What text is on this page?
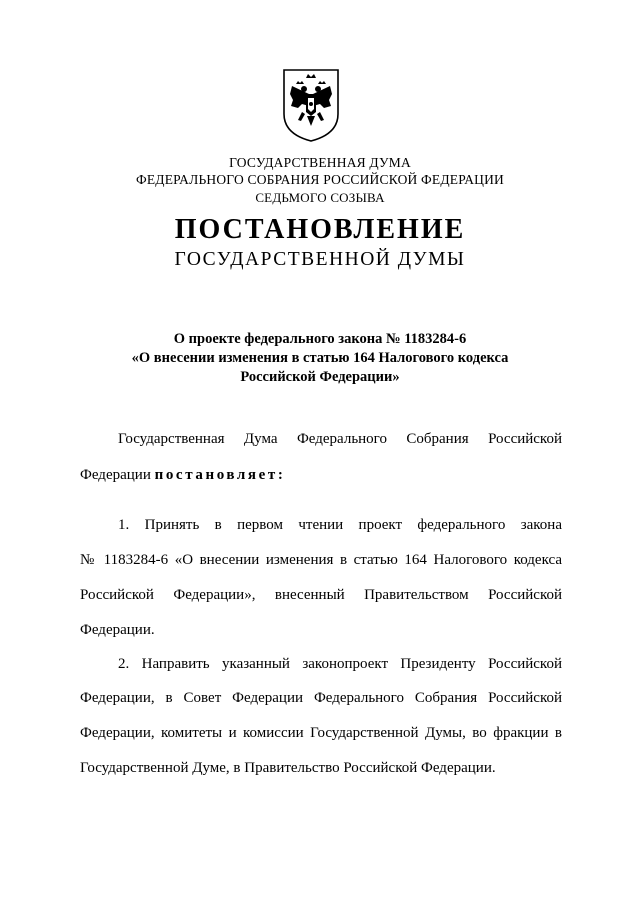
ГОСУДАРСТВЕННАЯ ДУМА
ФЕДЕРАЛЬНОГО СОБРАНИЯ РОССИЙСКОЙ ФЕДЕРАЦИИ
СЕДЬМОГО СОЗЫВА
ПОСТАНОВЛЕНИЕ
ГОСУДАРСТВЕННОЙ ДУМЫ
О проекте федерального закона № 1183284-6
«О внесении изменения в статью 164 Налогового кодекса
Российской Федерации»
Государственная Дума Федерального Собрания Российской
Федерации постановляет:
1. Принять в первом чтении проект федерального закона
№ 1183284-6 «О внесении изменения в статью 164 Налогового кодекса
Российской Федерации», внесенный Правительством Российской
Федерации.
2. Направить указанный законопроект Президенту Российской
Федерации, в Совет Федерации Федерального Собрания Российской
Федерации, комитеты и комиссии Государственной Думы, во фракции в
Государственной Думе, в Правительство Российской Федерации.
